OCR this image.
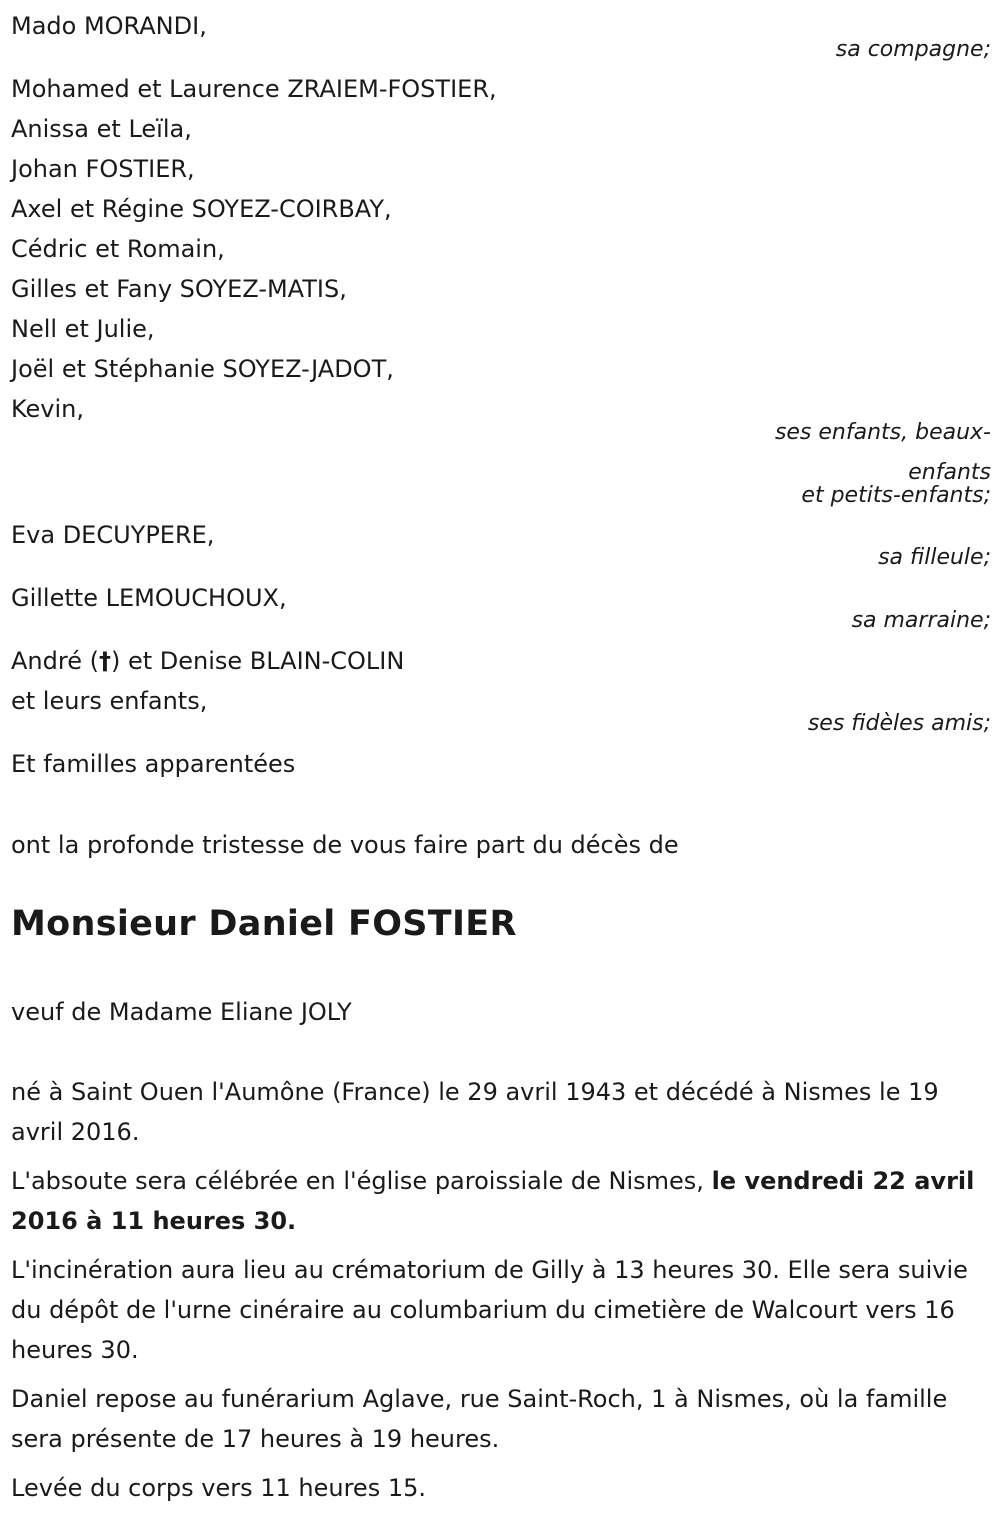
Mado MORANDI,
sa compagne;
Mohamed et Laurence ZRAIEM-FOSTIER,
Anissa et Leïla,
Johan FOSTIER,
Axel et Régine SOYEZ-COIRBAY,
Cédric et Romain,
Gilles et Fany SOYEZ-MATIS,
Nell et Julie,
Joël et Stéphanie SOYEZ-JADOT,
Kevin,
ses enfants, beaux-
enfants
et petits-enfants;
Eva DECUYPERE,
sa filleule;
Gillette LEMOUCHOUX,
sa marraine;
André (†) et Denise BLAIN-COLIN
et leurs enfants,
ses fidèles amis;
Et familles apparentées
ont la profonde tristesse de vous faire part du décès de
Monsieur Daniel FOSTIER
veuf de Madame Eliane JOLY
né à Saint Ouen l'Aumône (France) le 29 avril 1943 et décédé à Nismes le 19 avril 2016.
L'absoute sera célébrée en l'église paroissiale de Nismes, le vendredi 22 avril 2016 à 11 heures 30.
L'incinération aura lieu au crématorium de Gilly à 13 heures 30. Elle sera suivie du dépôt de l'urne cinéraire au columbarium du cimetière de Walcourt vers 16 heures 30.
Daniel repose au funérarium Aglave, rue Saint-Roch, 1 à Nismes, où la famille sera présente de 17 heures à 19 heures.
Levée du corps vers 11 heures 15.
